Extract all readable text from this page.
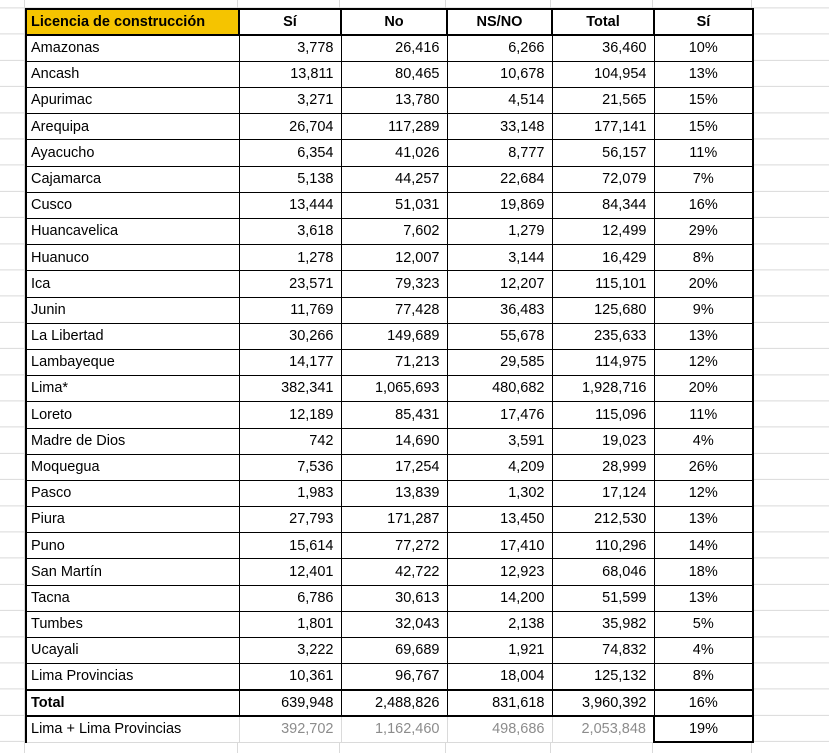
Licencia de construcción	Sí	No	NS/NO	Total	Sí
Amazonas	3,778	26,416	6,266	36,460	10%
Ancash	13,811	80,465	10,678	104,954	13%
Apurimac	3,271	13,780	4,514	21,565	15%
Arequipa	26,704	117,289	33,148	177,141	15%
Ayacucho	6,354	41,026	8,777	56,157	11%
Cajamarca	5,138	44,257	22,684	72,079	7%
Cusco	13,444	51,031	19,869	84,344	16%
Huancavelica	3,618	7,602	1,279	12,499	29%
Huanuco	1,278	12,007	3,144	16,429	8%
Ica	23,571	79,323	12,207	115,101	20%
Junin	11,769	77,428	36,483	125,680	9%
La Libertad	30,266	149,689	55,678	235,633	13%
Lambayeque	14,177	71,213	29,585	114,975	12%
Lima*	382,341	1,065,693	480,682	1,928,716	20%
Loreto	12,189	85,431	17,476	115,096	11%
Madre de Dios	742	14,690	3,591	19,023	4%
Moquegua	7,536	17,254	4,209	28,999	26%
Pasco	1,983	13,839	1,302	17,124	12%
Piura	27,793	171,287	13,450	212,530	13%
Puno	15,614	77,272	17,410	110,296	14%
San Martín	12,401	42,722	12,923	68,046	18%
Tacna	6,786	30,613	14,200	51,599	13%
Tumbes	1,801	32,043	2,138	35,982	5%
Ucayali	3,222	69,689	1,921	74,832	4%
Lima Provincias	10,361	96,767	18,004	125,132	8%
Total	639,948	2,488,826	831,618	3,960,392	16%
Lima + Lima Provincias	392,702	1,162,460	498,686	2,053,848	19%
